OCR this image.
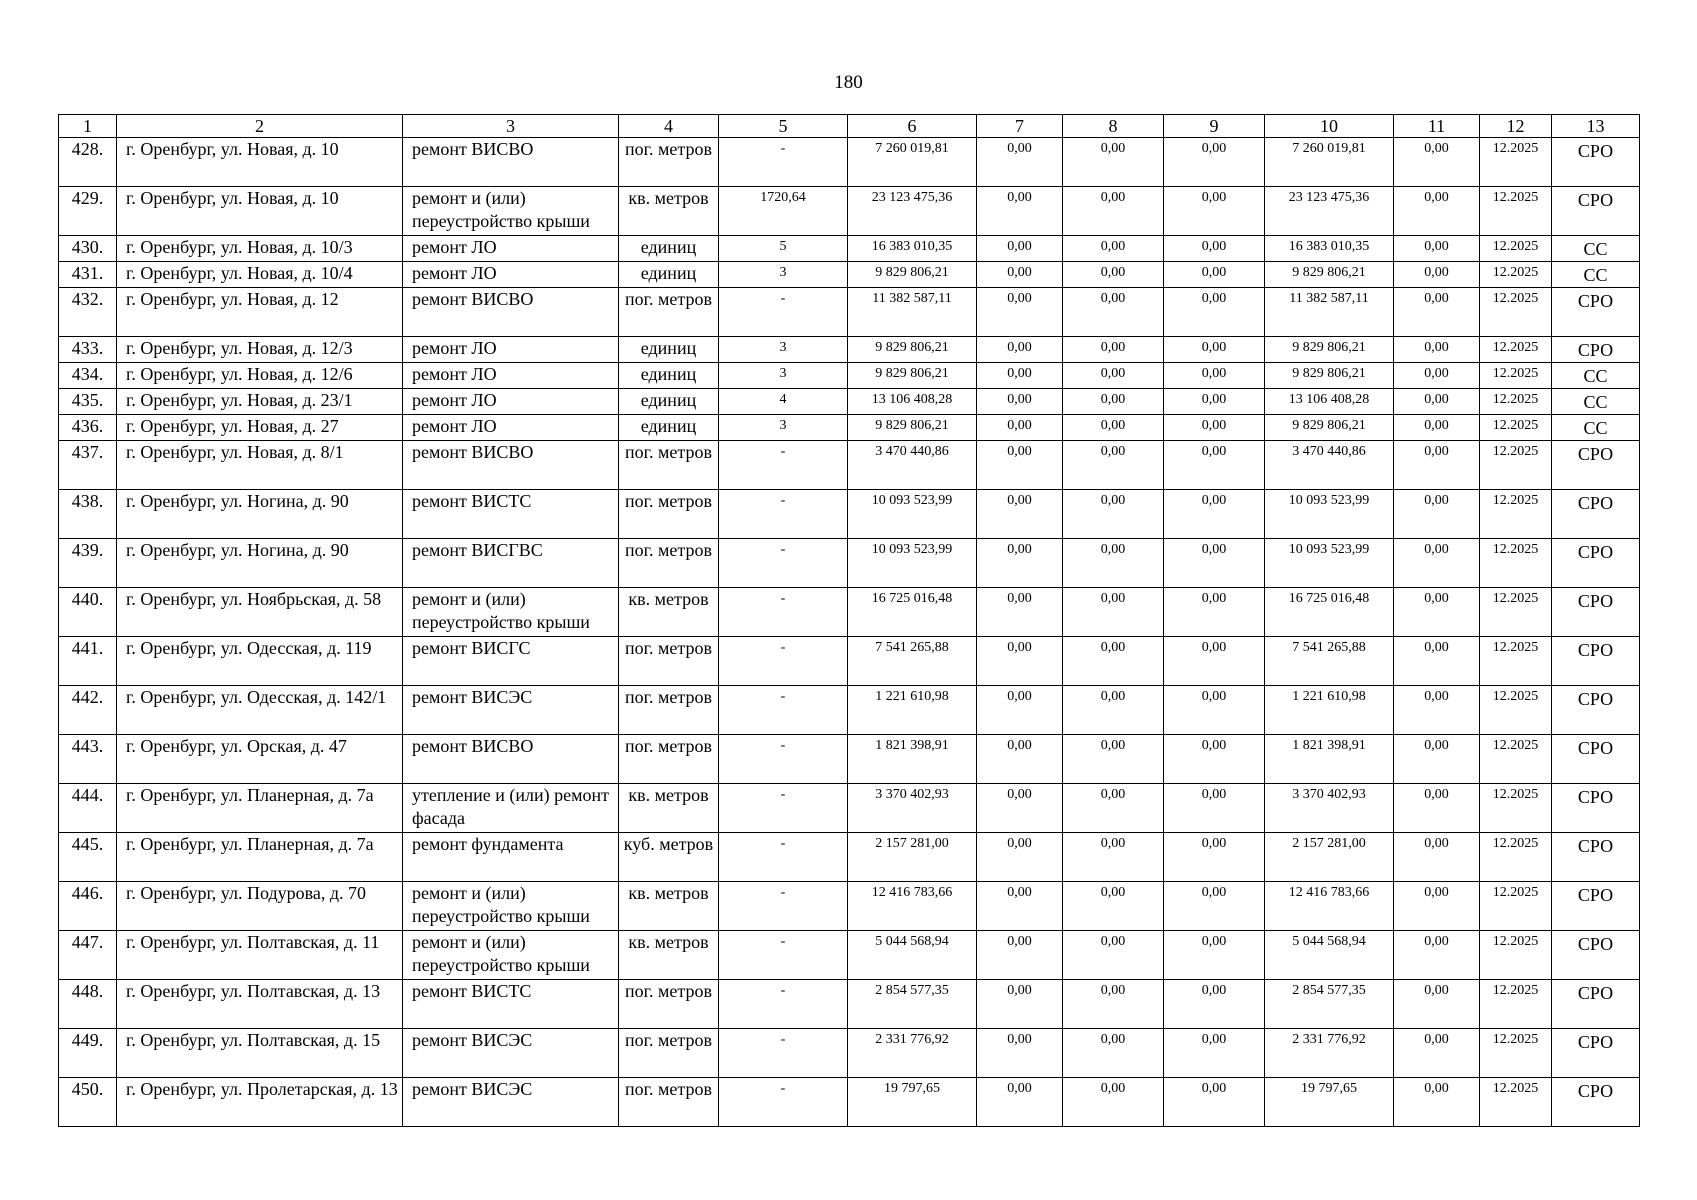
180
1	2	3	4	5	6	7	8	9	10	11	12	13
428.	г. Оренбург, ул. Новая, д. 10	ремонт ВИСВО	пог. метров	-	7 260 019,81	0,00	0,00	0,00	7 260 019,81	0,00	12.2025	СРО
429.	г. Оренбург, ул. Новая, д. 10	ремонт и (или) переустройство крыши	кв. метров	1720,64	23 123 475,36	0,00	0,00	0,00	23 123 475,36	0,00	12.2025	СРО
430.	г. Оренбург, ул. Новая, д. 10/3	ремонт ЛО	единиц	5	16 383 010,35	0,00	0,00	0,00	16 383 010,35	0,00	12.2025	СС
431.	г. Оренбург, ул. Новая, д. 10/4	ремонт ЛО	единиц	3	9 829 806,21	0,00	0,00	0,00	9 829 806,21	0,00	12.2025	СС
432.	г. Оренбург, ул. Новая, д. 12	ремонт ВИСВО	пог. метров	-	11 382 587,11	0,00	0,00	0,00	11 382 587,11	0,00	12.2025	СРО
433.	г. Оренбург, ул. Новая, д. 12/3	ремонт ЛО	единиц	3	9 829 806,21	0,00	0,00	0,00	9 829 806,21	0,00	12.2025	СРО
434.	г. Оренбург, ул. Новая, д. 12/6	ремонт ЛО	единиц	3	9 829 806,21	0,00	0,00	0,00	9 829 806,21	0,00	12.2025	СС
435.	г. Оренбург, ул. Новая, д. 23/1	ремонт ЛО	единиц	4	13 106 408,28	0,00	0,00	0,00	13 106 408,28	0,00	12.2025	СС
436.	г. Оренбург, ул. Новая, д. 27	ремонт ЛО	единиц	3	9 829 806,21	0,00	0,00	0,00	9 829 806,21	0,00	12.2025	СС
437.	г. Оренбург, ул. Новая, д. 8/1	ремонт ВИСВО	пог. метров	-	3 470 440,86	0,00	0,00	0,00	3 470 440,86	0,00	12.2025	СРО
438.	г. Оренбург, ул. Ногина, д. 90	ремонт ВИСТС	пог. метров	-	10 093 523,99	0,00	0,00	0,00	10 093 523,99	0,00	12.2025	СРО
439.	г. Оренбург, ул. Ногина, д. 90	ремонт ВИСГВС	пог. метров	-	10 093 523,99	0,00	0,00	0,00	10 093 523,99	0,00	12.2025	СРО
440.	г. Оренбург, ул. Ноябрьская, д. 58	ремонт и (или) переустройство крыши	кв. метров	-	16 725 016,48	0,00	0,00	0,00	16 725 016,48	0,00	12.2025	СРО
441.	г. Оренбург, ул. Одесская, д. 119	ремонт ВИСГС	пог. метров	-	7 541 265,88	0,00	0,00	0,00	7 541 265,88	0,00	12.2025	СРО
442.	г. Оренбург, ул. Одесская, д. 142/1	ремонт ВИСЭС	пог. метров	-	1 221 610,98	0,00	0,00	0,00	1 221 610,98	0,00	12.2025	СРО
443.	г. Оренбург, ул. Орская, д. 47	ремонт ВИСВО	пог. метров	-	1 821 398,91	0,00	0,00	0,00	1 821 398,91	0,00	12.2025	СРО
444.	г. Оренбург, ул. Планерная, д. 7а	утепление и (или) ремонт фасада	кв. метров	-	3 370 402,93	0,00	0,00	0,00	3 370 402,93	0,00	12.2025	СРО
445.	г. Оренбург, ул. Планерная, д. 7а	ремонт фундамента	куб. метров	-	2 157 281,00	0,00	0,00	0,00	2 157 281,00	0,00	12.2025	СРО
446.	г. Оренбург, ул. Подурова, д. 70	ремонт и (или) переустройство крыши	кв. метров	-	12 416 783,66	0,00	0,00	0,00	12 416 783,66	0,00	12.2025	СРО
447.	г. Оренбург, ул. Полтавская, д. 11	ремонт и (или) переустройство крыши	кв. метров	-	5 044 568,94	0,00	0,00	0,00	5 044 568,94	0,00	12.2025	СРО
448.	г. Оренбург, ул. Полтавская, д. 13	ремонт ВИСТС	пог. метров	-	2 854 577,35	0,00	0,00	0,00	2 854 577,35	0,00	12.2025	СРО
449.	г. Оренбург, ул. Полтавская, д. 15	ремонт ВИСЭС	пог. метров	-	2 331 776,92	0,00	0,00	0,00	2 331 776,92	0,00	12.2025	СРО
450.	г. Оренбург, ул. Пролетарская, д. 13	ремонт ВИСЭС	пог. метров	-	19 797,65	0,00	0,00	0,00	19 797,65	0,00	12.2025	СРО
